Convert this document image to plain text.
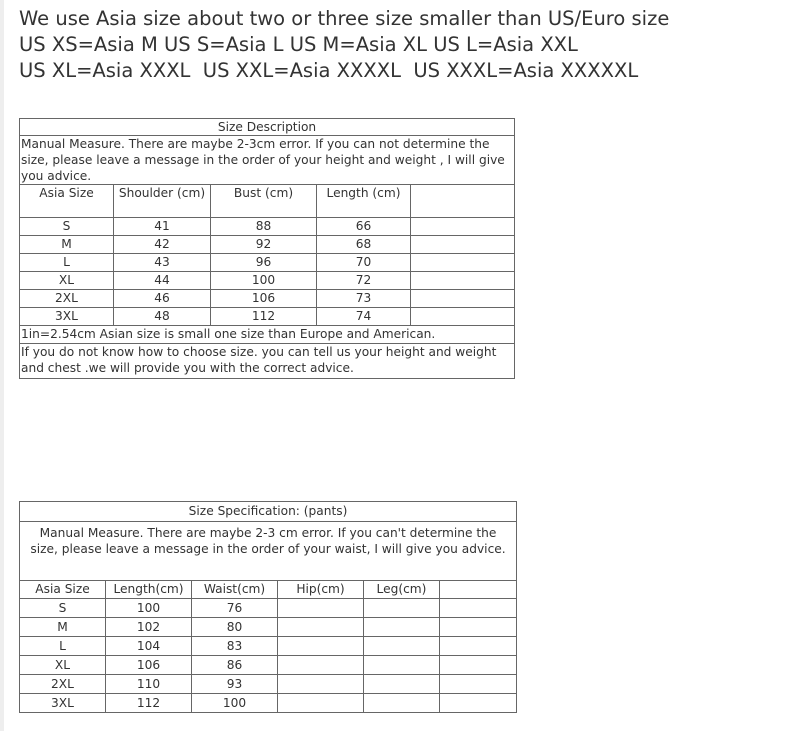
We use Asia size about two or three size smaller than US/Euro size
US XS=Asia M US S=Asia L US M=Asia XL US L=Asia XXL
US XL=Asia XXXL  US XXL=Asia XXXXL  US XXXL=Asia XXXXXL
Size Description				
Manual Measure. There are maybe 2-3cm error. If you can not determine the size, please leave a message in the order of your height and weight , I will give you advice.				
Asia Size	Shoulder (cm)	Bust (cm)	Length (cm)	
S	41	88	66	
M	42	92	68	
L	43	96	70	
XL	44	100	72	
2XL	46	106	73	
3XL	48	112	74	
1in=2.54cm Asian size is small one size than Europe and American.				
If you do not know how to choose size. you can tell us your height and weight and chest .we will provide you with the correct advice.				
Size Specification: (pants)					
Manual Measure. There are maybe 2-3 cm error. If you can't determine the size, please leave a message in the order of your waist, I will give you advice.					
Asia Size	Length(cm)	Waist(cm)	Hip(cm)	Leg(cm)	
S	100	76			
M	102	80			
L	104	83			
XL	106	86			
2XL	110	93			
3XL	112	100			
